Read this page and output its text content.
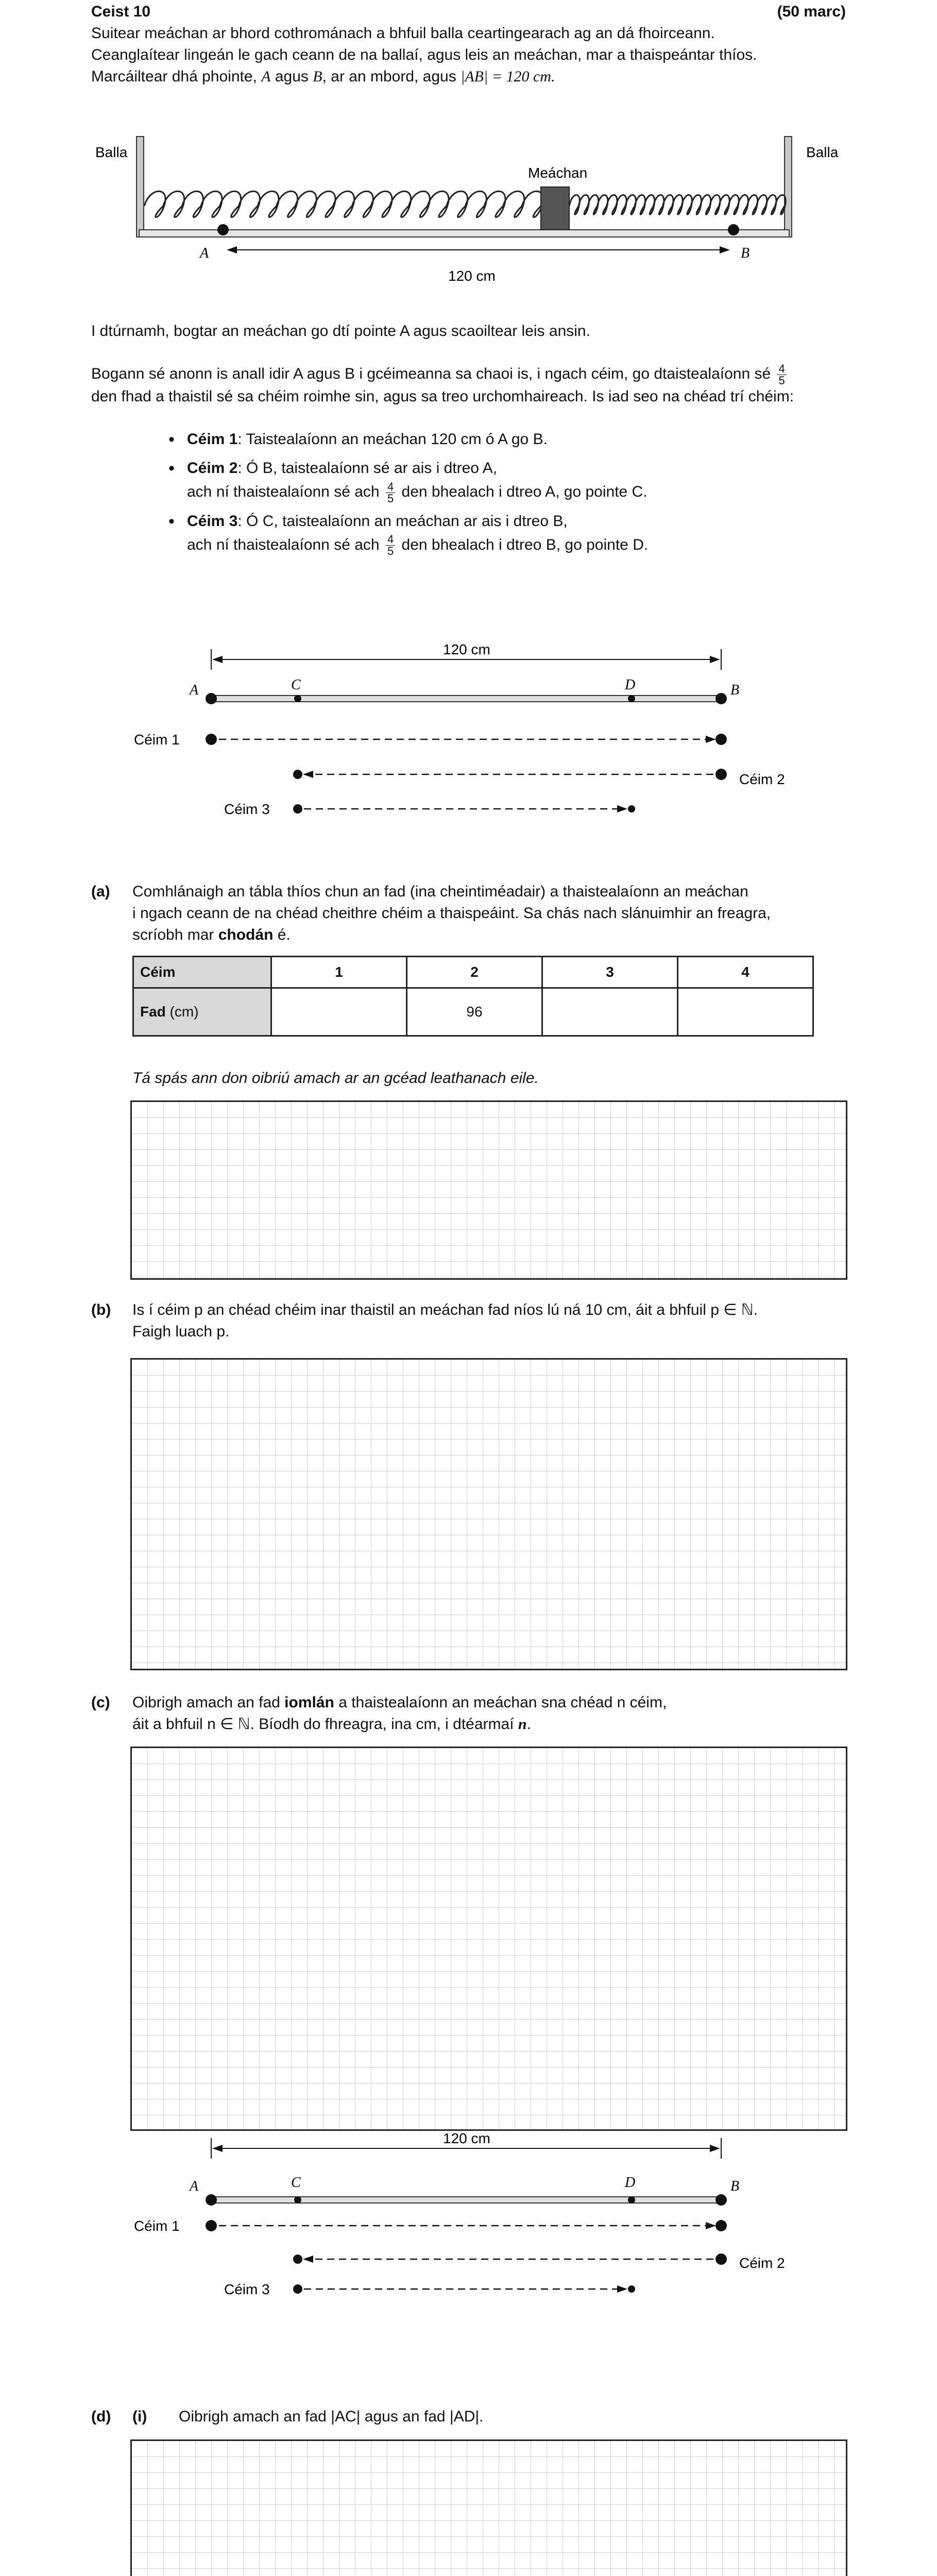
Ceist 10	(50 marc)
Suitear meáchan ar bhord cothrománach a bhfuil balla ceartingearach ag an dá fhoirceann.
Ceanglaítear lingeán le gach ceann de na ballaí, agus leis an meáchan, mar a thaispeántar thíos.
Marcáiltear dhá phointe, A agus B, ar an mbord, agus |AB| = 120 cm.
Balla	Balla
Meáchan
A	B
120 cm
I dtúrnamh, bogtar an meáchan go dtí pointe A agus scaoiltear leis ansin.
Bogann sé anonn is anall idir A agus B i gcéimeanna sa chaoi is, i ngach céim, go dtaistealaíonn sé $\frac{4}{5}$
den fhad a thaistil sé sa chéim roimhe sin, agus sa treo urchomhaireach. Is iad seo na chéad trí chéim:
• Céim 1: Taistealaíonn an meáchan 120 cm ó A go B.
• Céim 2: Ó B, taistealaíonn sé ar ais i dtreo A,
ach ní thaistealaíonn sé ach $\frac{4}{5}$ den bhealach i dtreo A, go pointe C.
• Céim 3: Ó C, taistealaíonn an meáchan ar ais i dtreo B,
ach ní thaistealaíonn sé ach $\frac{4}{5}$ den bhealach i dtreo B, go pointe D.
120 cm
A	B
C	D
Céim 1
Céim 2
Céim 3
(a) Comhlánaigh an tábla thíos chun an fad (ina cheintiméadair) a thaistealaíonn an meáchan
i ngach ceann de na chéad cheithre chéim a thaispeáint. Sa chás nach slánuimhir an freagra,
scríobh mar chodán é.
Céim	1	2	3	4
Fad (cm)		96		
Tá spás ann don oibriú amach ar an gcéad leathanach eile.
(b) Is í céim p an chéad chéim inar thaistil an meáchan fad níos lú ná 10 cm, áit a bhfuil p ∈ ℕ.
Faigh luach p.
(c) Oibrigh amach an fad iomlán a thaistealaíonn an meáchan sna chéad n céim,
áit a bhfuil n ∈ ℕ. Bíodh do fhreagra, ina cm, i dtéarmaí n.
120 cm
A	B
C	D
Céim 1
Céim 2
Céim 3
(d) (i) Oibrigh amach an fad |AC| agus an fad |AD|.
